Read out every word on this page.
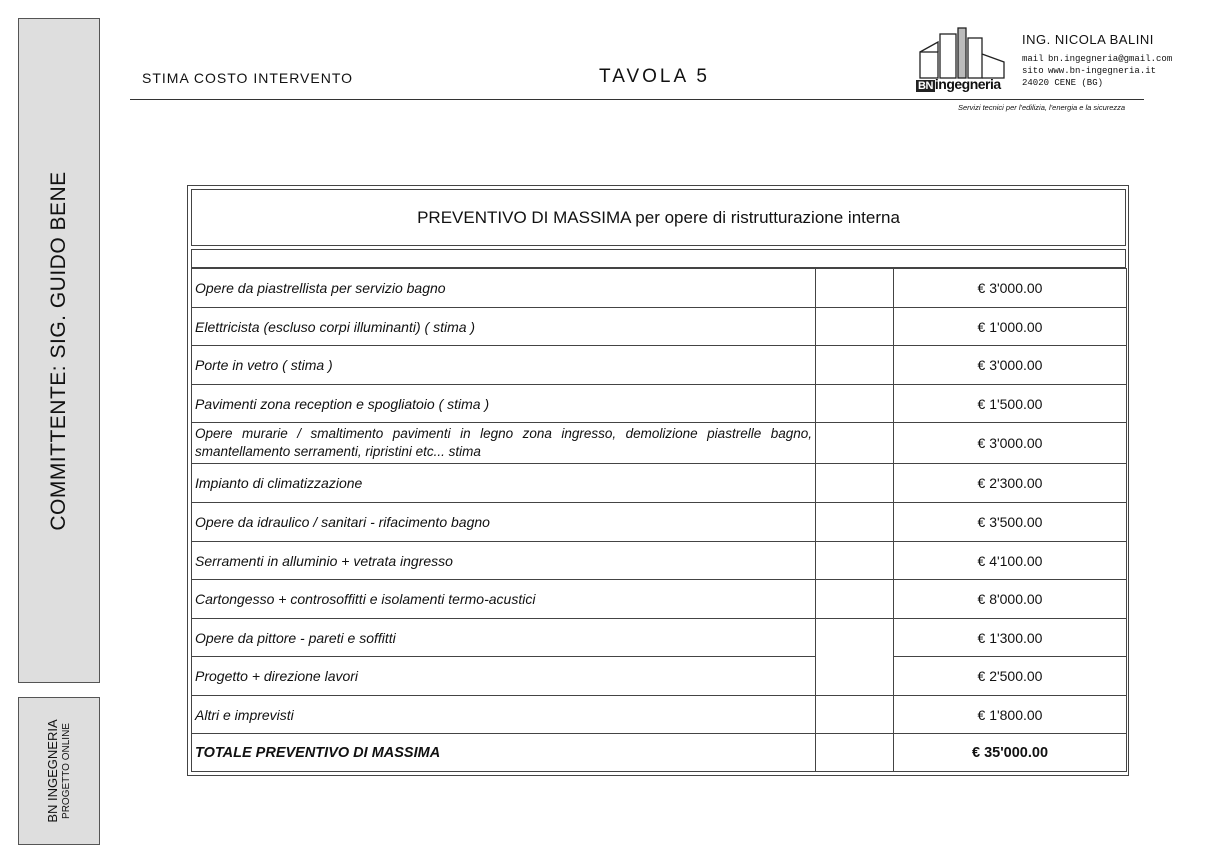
COMMITTENTE: SIG. GUIDO BENE
BN INGEGNERIA PROGETTO ONLINE
STIMA COSTO INTERVENTO	TAVOLA 5	BN ingegneria
ING. NICOLA BALINI
mail bn.ingegneria@gmail.com
sito www.bn-ingegneria.it
24020 CENE (BG)
Servizi tecnici per l'edilizia, l'energia e la sicurezza
PREVENTIVO DI MASSIMA per opere di ristrutturazione interna
Opere da piastrellista per servizio bagno		€ 3'000.00
Elettricista (escluso corpi illuminanti) ( stima )		€ 1'000.00
Porte in vetro ( stima )		€ 3'000.00
Pavimenti zona reception e spogliatoio ( stima )		€ 1'500.00
Opere murarie / smaltimento pavimenti in legno zona ingresso, demolizione piastrelle bagno, smantellamento serramenti, ripristini etc... stima		€ 3'000.00
Impianto di climatizzazione		€ 2'300.00
Opere da idraulico / sanitari - rifacimento bagno		€ 3'500.00
Serramenti in alluminio + vetrata ingresso		€ 4'100.00
Cartongesso + controsoffitti e isolamenti termo-acustici		€ 8'000.00
Opere da pittore - pareti e soffitti		€ 1'300.00
Progetto + direzione lavori		€ 2'500.00
Altri e imprevisti		€ 1'800.00
TOTALE PREVENTIVO DI MASSIMA		€ 35'000.00
